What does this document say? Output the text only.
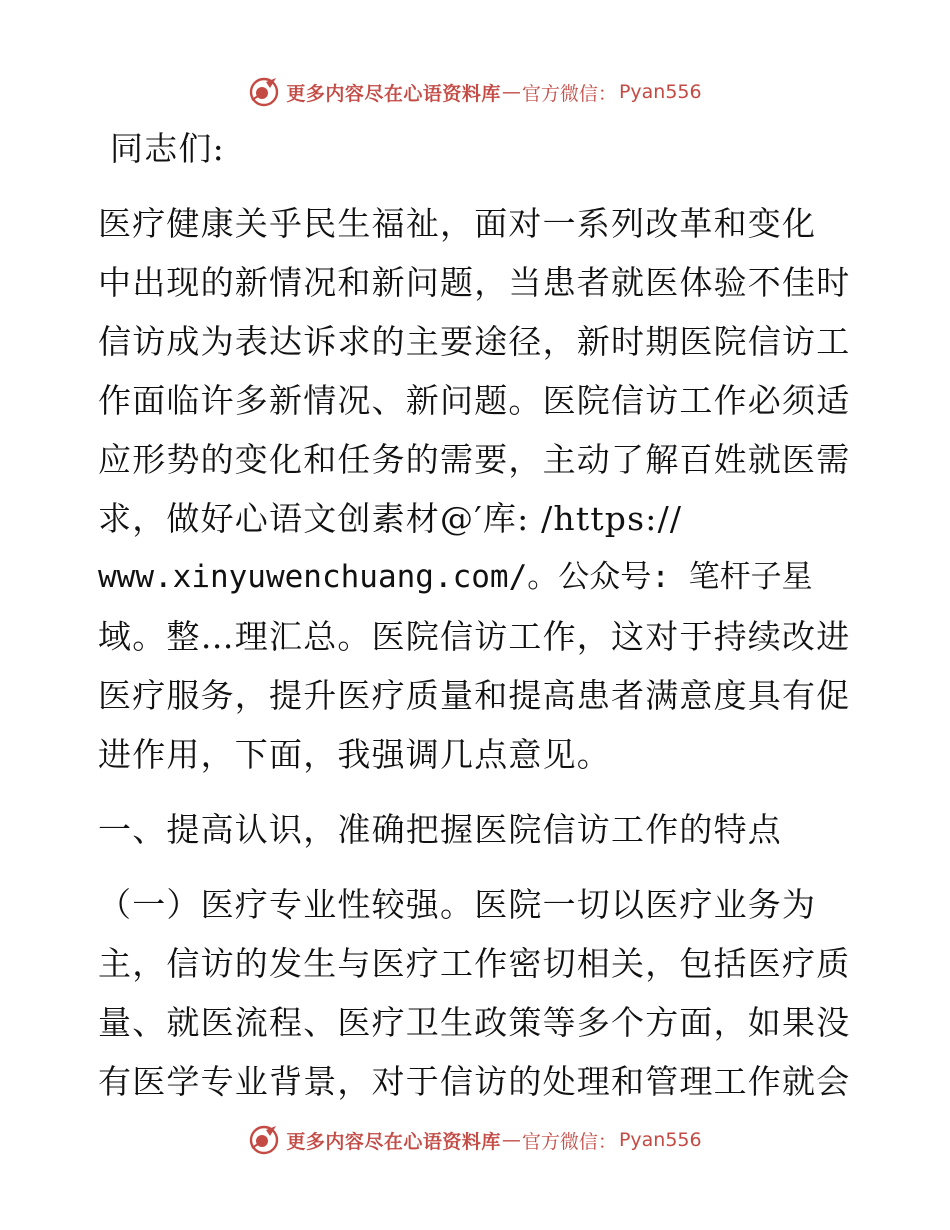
更多内容尽在心语资料库 — 官方微信： Pyan556
同志们:
医疗健康关乎民生福祉，面对一系列改革和变化
中出现的新情况和新问题，当患者就医体验不佳时
信访成为表达诉求的主要途径，新时期医院信访工
作面临许多新情况、新问题。医院信访工作必须适
应形势的变化和任务的需要，主动了解百姓就医需
求，做好心语文创素材@′库: /https://
www.xinyuwenchuang.com/。公众号: 笔杆子星
域。整…理汇总。医院信访工作，这对于持续改进
医疗服务，提升医疗质量和提高患者满意度具有促
进作用，下面，我强调几点意见。
一、提高认识，准确把握医院信访工作的特点
（一）医疗专业性较强。医院一切以医疗业务为
主，信访的发生与医疗工作密切相关，包括医疗质
量、就医流程、医疗卫生政策等多个方面，如果没
有医学专业背景，对于信访的处理和管理工作就会
更多内容尽在心语资料库 — 官方微信： Pyan556
